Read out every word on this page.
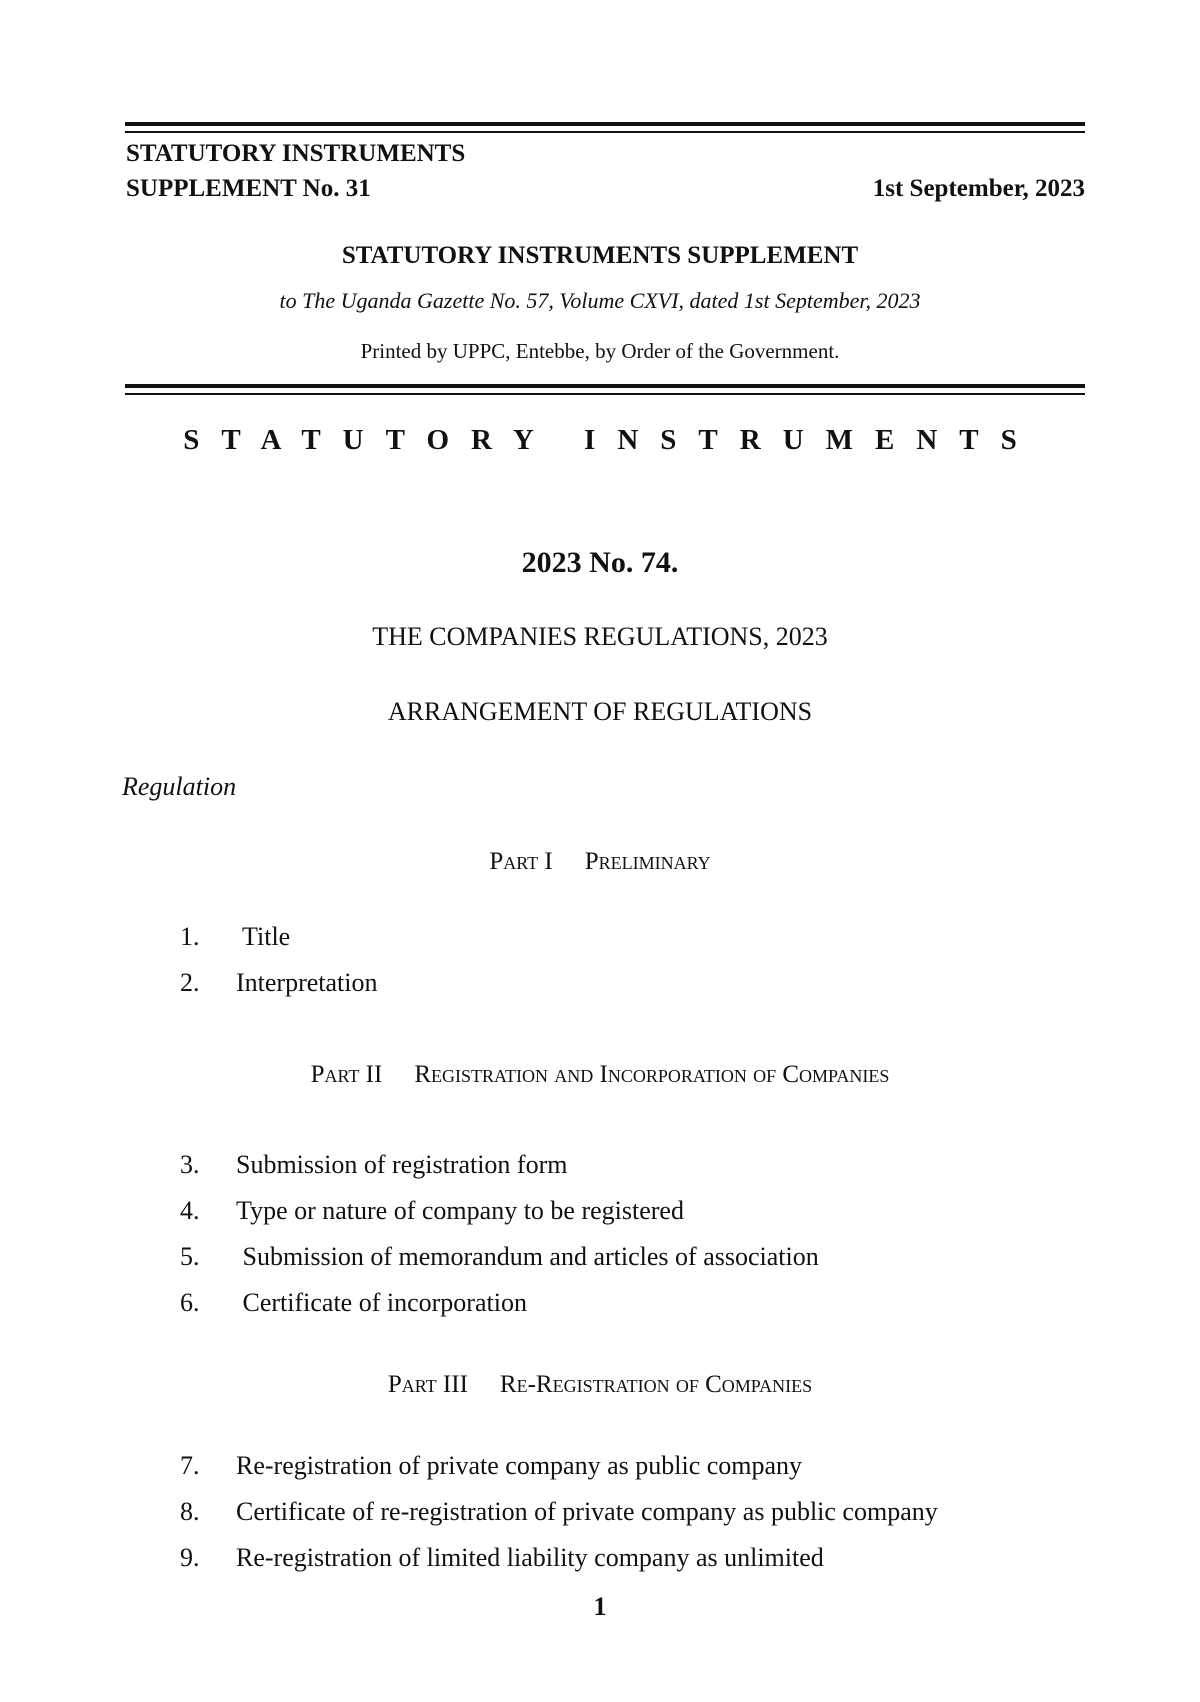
STATUTORY INSTRUMENTS
SUPPLEMENT No. 31	1st September, 2023
STATUTORY INSTRUMENTS SUPPLEMENT
to The Uganda Gazette No. 57, Volume CXVI, dated 1st September, 2023
Printed by UPPC, Entebbe, by Order of the Government.
STATUTORY INSTRUMENTS
2023 No. 74.
THE COMPANIES REGULATIONS, 2023
ARRANGEMENT OF REGULATIONS
Regulation
Part I Preliminary
1. Title
2. Interpretation
Part II Registration and Incorporation of Companies
3. Submission of registration form
4. Type or nature of company to be registered
5. Submission of memorandum and articles of association
6. Certificate of incorporation
Part III Re-Registration of Companies
7. Re-registration of private company as public company
8. Certificate of re-registration of private company as public company
9. Re-registration of limited liability company as unlimited
1
